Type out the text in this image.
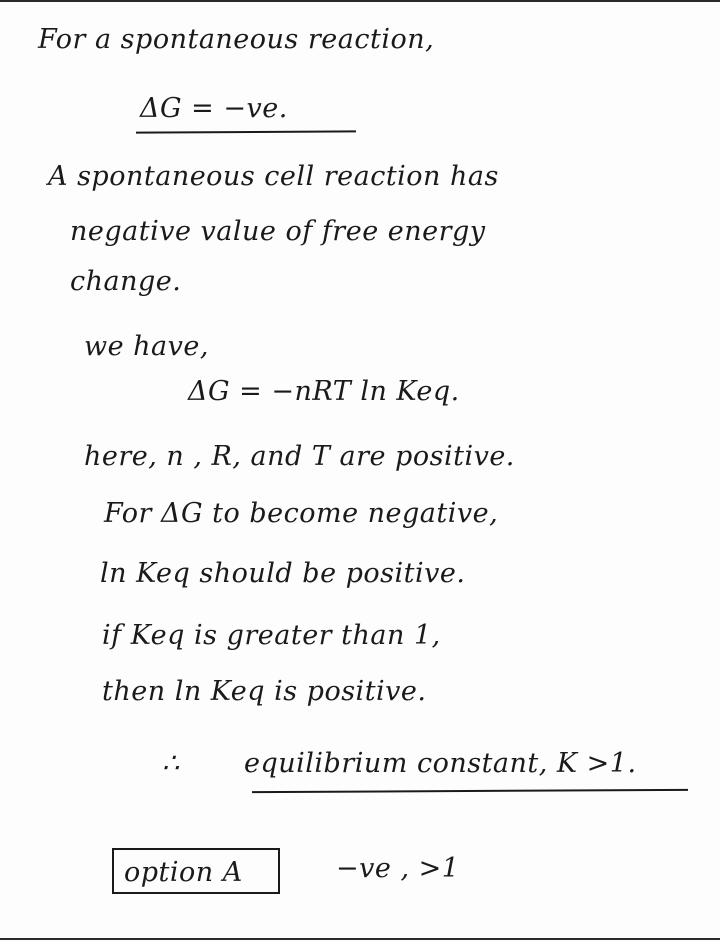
For a spontaneous reaction,
ΔG = −ve.
A spontaneous cell reaction has
negative value of free energy
change.
we have,
ΔG = −nRT ln Keq.
here, n , R, and T are positive.
For ΔG to become negative,
ln Keq should be positive.
if Keq is greater than 1,
then ln Keq is positive.
∴ equilibrium constant, K >1.
option A	−ve , >1
